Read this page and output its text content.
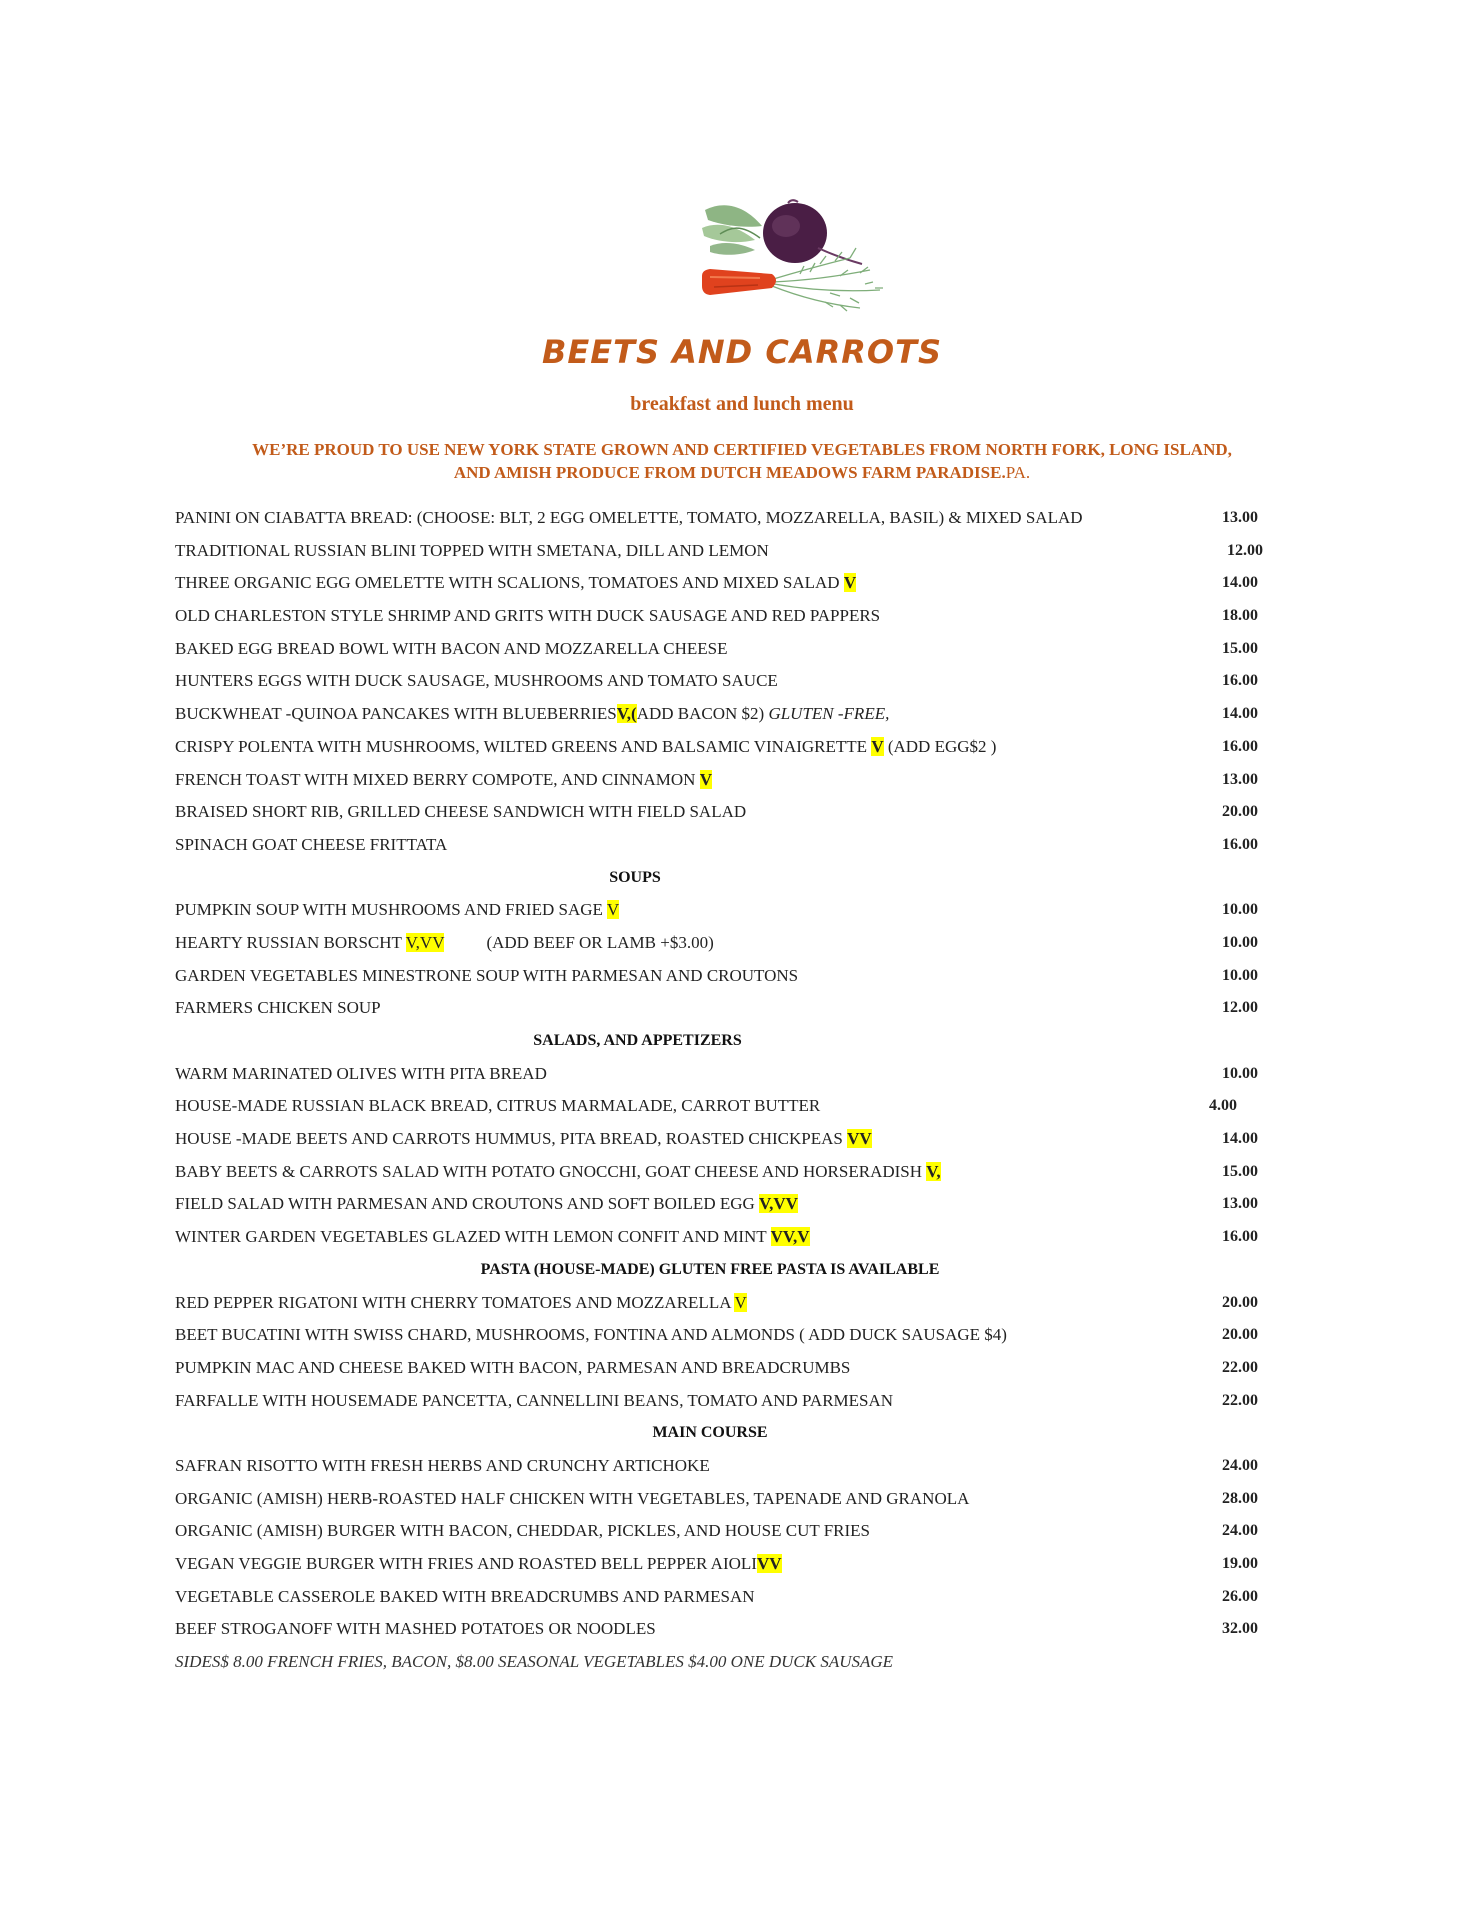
BEETS AND CARROTS
breakfast and lunch menu
WE’RE PROUD TO USE NEW YORK STATE GROWN AND CERTIFIED VEGETABLES FROM NORTH FORK, LONG ISLAND,
AND AMISH PRODUCE FROM DUTCH MEADOWS FARM PARADISE.PA.
PANINI ON CIABATTA BREAD: (CHOOSE: BLT, 2 EGG OMELETTE, TOMATO, MOZZARELLA, BASIL) & MIXED SALAD	13.00
TRADITIONAL RUSSIAN BLINI TOPPED WITH SMETANA, DILL AND LEMON	12.00
THREE ORGANIC EGG OMELETTE WITH SCALIONS, TOMATOES AND MIXED SALAD V	14.00
OLD CHARLESTON STYLE SHRIMP AND GRITS WITH DUCK SAUSAGE AND RED PAPPERS	18.00
BAKED EGG BREAD BOWL WITH BACON AND MOZZARELLA CHEESE	15.00
HUNTERS EGGS WITH DUCK SAUSAGE, MUSHROOMS AND TOMATO SAUCE	16.00
BUCKWHEAT -QUINOA PANCAKES WITH BLUEBERRIESV,(ADD BACON $2) GLUTEN -FREE,	14.00
CRISPY POLENTA WITH MUSHROOMS, WILTED GREENS AND BALSAMIC VINAIGRETTE V (ADD EGG$2 )	16.00
FRENCH TOAST WITH MIXED BERRY COMPOTE, AND CINNAMON V	13.00
BRAISED SHORT RIB, GRILLED CHEESE SANDWICH WITH FIELD SALAD	20.00
SPINACH GOAT CHEESE FRITTATA	16.00
SOUPS
PUMPKIN SOUP WITH MUSHROOMS AND FRIED SAGE V	10.00
HEARTY RUSSIAN BORSCHT V,VV (ADD BEEF OR LAMB +$3.00)	10.00
GARDEN VEGETABLES MINESTRONE SOUP WITH PARMESAN AND CROUTONS	10.00
FARMERS CHICKEN SOUP	12.00
SALADS, AND APPETIZERS
WARM MARINATED OLIVES WITH PITA BREAD	10.00
HOUSE-MADE RUSSIAN BLACK BREAD, CITRUS MARMALADE, CARROT BUTTER	4.00
HOUSE -MADE BEETS AND CARROTS HUMMUS, PITA BREAD, ROASTED CHICKPEAS VV	14.00
BABY BEETS & CARROTS SALAD WITH POTATO GNOCCHI, GOAT CHEESE AND HORSERADISH V,	15.00
FIELD SALAD WITH PARMESAN AND CROUTONS AND SOFT BOILED EGG V,VV	13.00
WINTER GARDEN VEGETABLES GLAZED WITH LEMON CONFIT AND MINT VV,V	16.00
PASTA (HOUSE-MADE) GLUTEN FREE PASTA IS AVAILABLE
RED PEPPER RIGATONI WITH CHERRY TOMATOES AND MOZZARELLA V	20.00
BEET BUCATINI WITH SWISS CHARD, MUSHROOMS, FONTINA AND ALMONDS ( ADD DUCK SAUSAGE $4)	20.00
PUMPKIN MAC AND CHEESE BAKED WITH BACON, PARMESAN AND BREADCRUMBS	22.00
FARFALLE WITH HOUSEMADE PANCETTA, CANNELLINI BEANS, TOMATO AND PARMESAN	22.00
MAIN COURSE
SAFRAN RISOTTO WITH FRESH HERBS AND CRUNCHY ARTICHOKE	24.00
ORGANIC (AMISH) HERB-ROASTED HALF CHICKEN WITH VEGETABLES, TAPENADE AND GRANOLA	28.00
ORGANIC (AMISH) BURGER WITH BACON, CHEDDAR, PICKLES, AND HOUSE CUT FRIES	24.00
VEGAN VEGGIE BURGER WITH FRIES AND ROASTED BELL PEPPER AIOLIVV	19.00
VEGETABLE CASSEROLE BAKED WITH BREADCRUMBS AND PARMESAN	26.00
BEEF STROGANOFF WITH MASHED POTATOES OR NOODLES	32.00
SIDES$ 8.00 FRENCH FRIES, BACON, $8.00 SEASONAL VEGETABLES $4.00 ONE DUCK SAUSAGE
